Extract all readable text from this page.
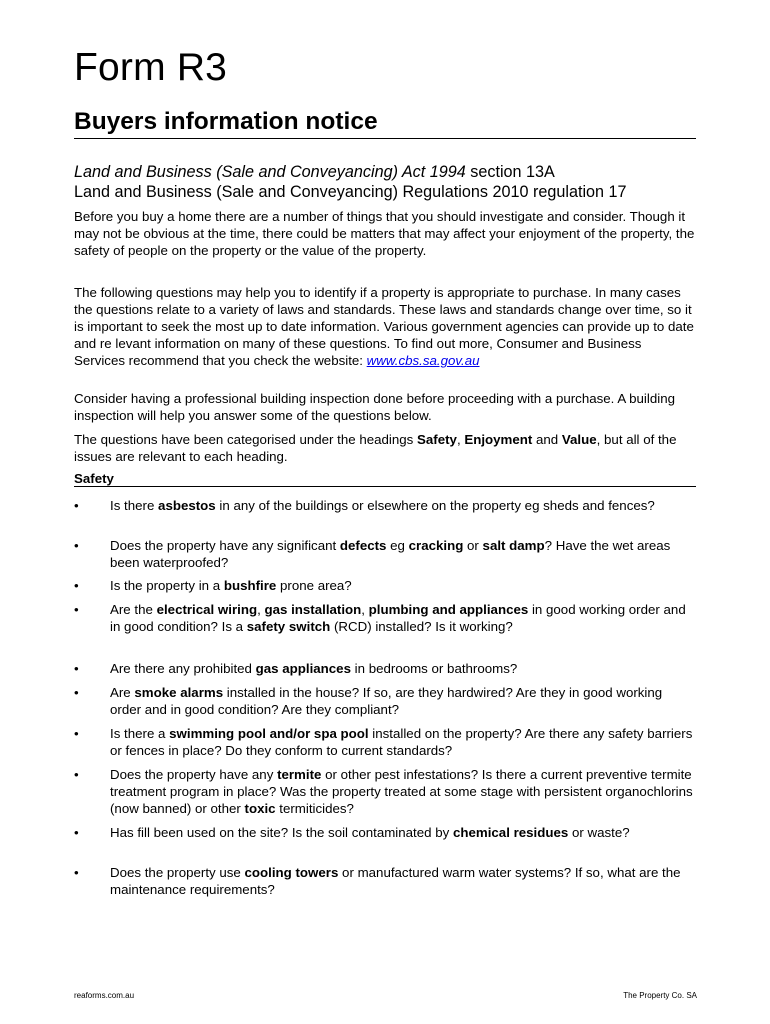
Form R3
Buyers information notice
Land and Business (Sale and Conveyancing) Act 1994 section 13A
Land and Business (Sale and Conveyancing) Regulations 2010 regulation 17
Before you buy a home there are a number of things that you should investigate and consider. Though it may not be obvious at the time, there could be matters that may affect your enjoyment of the property, the safety of people on the property or the value of the property.
The following questions may help you to identify if a property is appropriate to purchase. In many cases the questions relate to a variety of laws and standards. These laws and standards change over time, so it is important to seek the most up to date information. Various government agencies can provide up to date and re levant information on many of these questions. To find out more, Consumer and Business Services recommend that you check the website: www.cbs.sa.gov.au
Consider having a professional building inspection done before proceeding with a purchase. A building inspection will help you answer some of the questions below.
The questions have been categorised under the headings Safety, Enjoyment and Value, but all of the issues are relevant to each heading.
Safety
• Is there asbestos in any of the buildings or elsewhere on the property eg sheds and fences?
• Does the property have any significant defects eg cracking or salt damp? Have the wet areas been waterproofed?
• Is the property in a bushfire prone area?
• Are the electrical wiring, gas installation, plumbing and appliances in good working order and in good condition? Is a safety switch (RCD) installed? Is it working?
• Are there any prohibited gas appliances in bedrooms or bathrooms?
• Are smoke alarms installed in the house? If so, are they hardwired? Are they in good working order and in good condition? Are they compliant?
• Is there a swimming pool and/or spa pool installed on the property? Are there any safety barriers or fences in place? Do they conform to current standards?
• Does the property have any termite or other pest infestations? Is there a current preventive termite treatment program in place? Was the property treated at some stage with persistent organochlorins (now banned) or other toxic termiticides?
• Has fill been used on the site? Is the soil contaminated by chemical residues or waste?
• Does the property use cooling towers or manufactured warm water systems? If so, what are the maintenance requirements?
reaforms.com.au	The Property Co. SA
